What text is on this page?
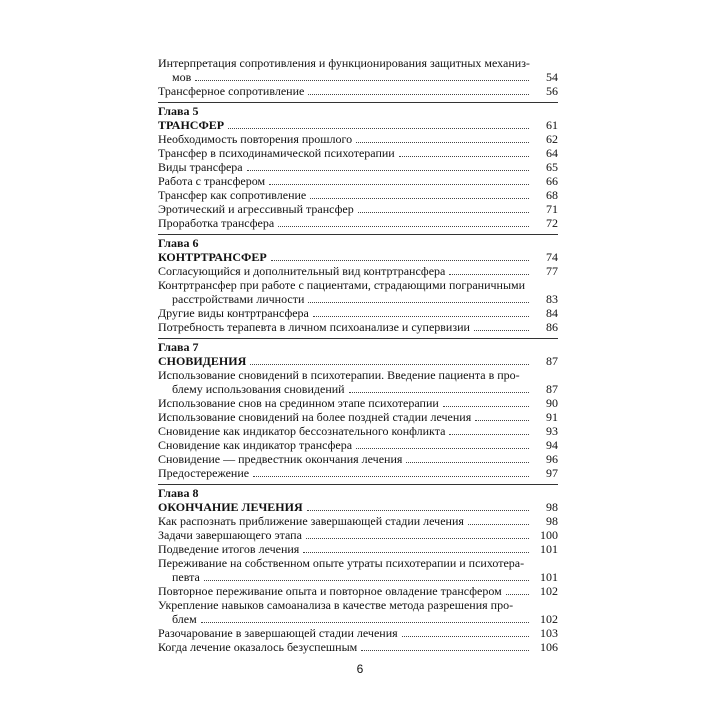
Интерпретация сопротивления и функционирования защитных механиз-
мов	54
Трансферное сопротивление	56
Глава 5
ТРАНСФЕР	61
Необходимость повторения прошлого	62
Трансфер в психодинамической психотерапии	64
Виды трансфера	65
Работа с трансфером	66
Трансфер как сопротивление	68
Эротический и агрессивный трансфер	71
Проработка трансфера	72
Глава 6
КОНТРТРАНСФЕР	74
Согласующийся и дополнительный вид контртрансфера	77
Контртрансфер при работе с пациентами, страдающими пограничными
расстройствами личности	83
Другие виды контртрансфера	84
Потребность терапевта в личном психоанализе и супервизии	86
Глава 7
СНОВИДЕНИЯ	87
Использование сновидений в психотерапии. Введение пациента в про-
блему использования сновидений	87
Использование снов на срединном этапе психотерапии	90
Использование сновидений на более поздней стадии лечения	91
Сновидение как индикатор бессознательного конфликта	93
Сновидение как индикатор трансфера	94
Сновидение — предвестник окончания лечения	96
Предостережение	97
Глава 8
ОКОНЧАНИЕ ЛЕЧЕНИЯ	98
Как распознать приближение завершающей стадии лечения	98
Задачи завершающего этапа	100
Подведение итогов лечения	101
Переживание на собственном опыте утраты психотерапии и психотера-
певта	101
Повторное переживание опыта и повторное овладение трансфером	102
Укрепление навыков самоанализа в качестве метода разрешения про-
блем	102
Разочарование в завершающей стадии лечения	103
Когда лечение оказалось безуспешным	106
6
